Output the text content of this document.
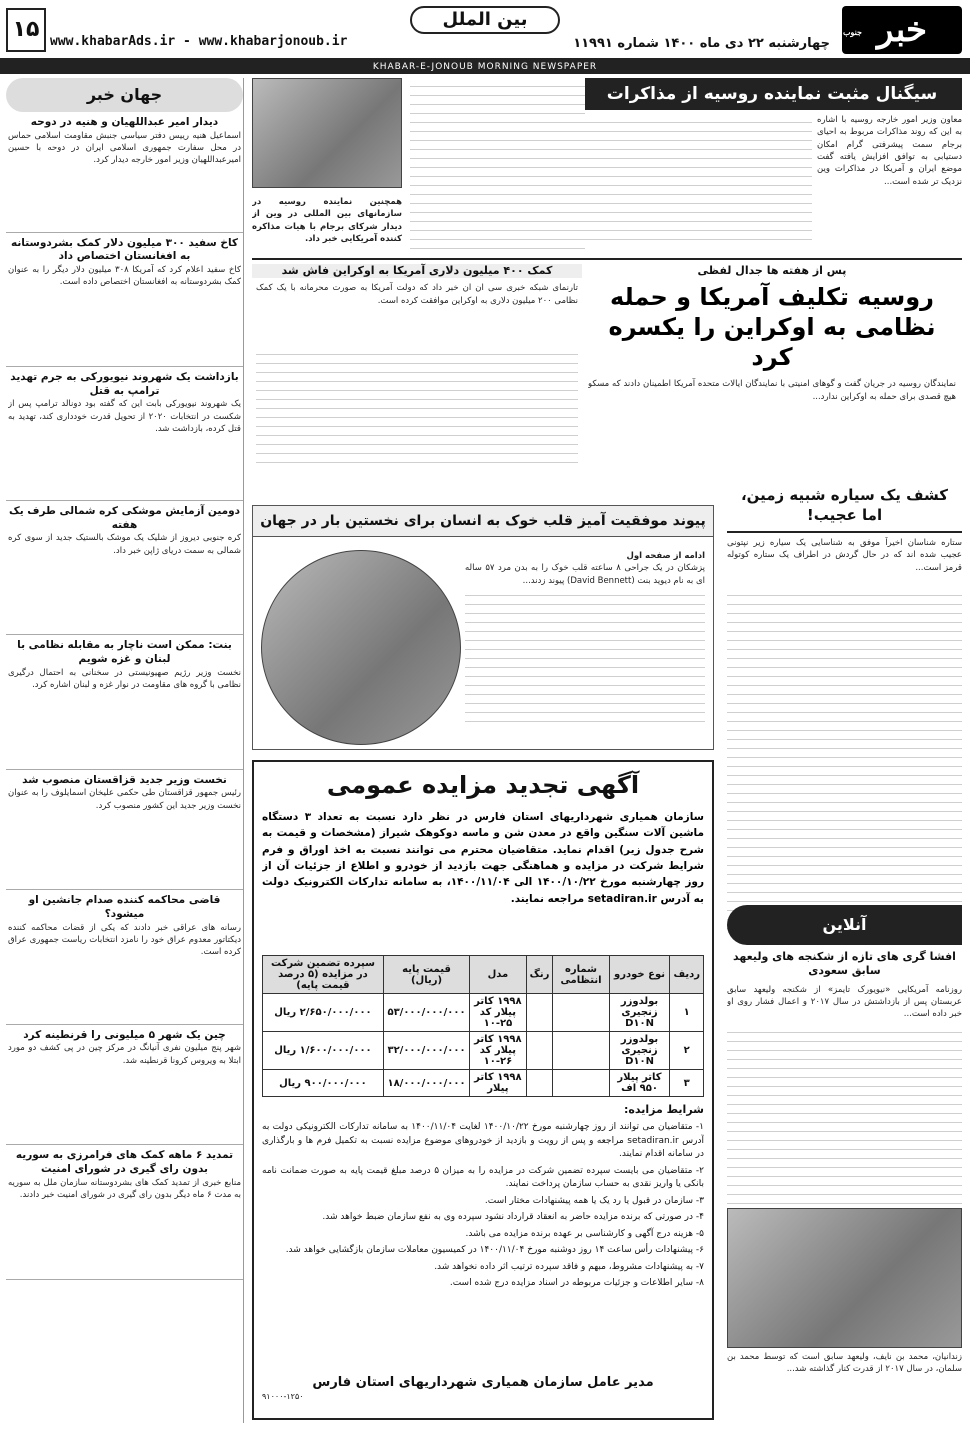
خبر
جنوب
چهارشنبه ۲۲ دی ماه ۱۴۰۰ شماره ۱۱۹۹۱
بین الملل
www.khabarAds.ir - www.khabarjonoub.ir
۱۵
KHABAR-E-JONOUB MORNING NEWSPAPER
سیگنال مثبت نماینده روسیه از مذاکرات
معاون وزیر امور خارجه روسیه با اشاره به این که روند مذاکرات مربوط به احیای برجام سمت پیشرفتی گرام امکان دستیابی به توافق افزایش یافته گفت موضع ایران و آمریکا در مذاکرات وین نزدیک تر شده است...
همچنین نماینده روسیه در سازمانهای بین المللی در وین از دیدار شرکای برجام با هیات مذاکره کننده آمریکایی خبر داد.
پس از هفته ها جدال لفظی
روسیه تکلیف آمریکا و حمله نظامی به اوکراین را یکسره کرد
نمایندگان روسیه در جریان گفت و گوهای امنیتی با نمایندگان ایالات متحده آمریکا اطمینان دادند که مسکو هیچ قصدی برای حمله به اوکراین ندارد...
کمک ۴۰۰ میلیون دلاری آمریکا به اوکراین فاش شد
تارنمای شبکه خبری سی ان ان خبر داد که دولت آمریکا به صورت محرمانه با یک کمک نظامی ۲۰۰ میلیون دلاری به اوکراین موافقت کرده است.
کشف یک سیاره شبیه زمین، اما عجیب!
ستاره شناسان اخیراً موفق به شناسایی یک سیاره زیر نپتونی عجیب شده اند که در حال گردش در اطراف یک ستاره کوتوله قرمز است...
آنلاین
افشا گری های تازه از شکنجه های ولیعهد سابق سعودی
روزنامه آمریکایی «نیویورک تایمز» از شکنجه ولیعهد سابق عربستان پس از بازداشتش در سال ۲۰۱۷ و اعمال فشار روی او خبر داده است...
زندانیان، محمد بن نایف، ولیعهد سابق است که توسط محمد بن سلمان، در سال ۲۰۱۷ از قدرت کنار گذاشته شد...
پیوند موفقیت آمیز قلب خوک به انسان برای نخستین بار در جهان
ادامه از صفحه اول
پزشکان در یک جراحی ۸ ساعته قلب خوک را به بدن مرد ۵۷ ساله ای به نام دیوید بنت (David Bennett) پیوند زدند...
آگهی تجدید مزایده عمومی
سازمان همیاری شهرداریهای استان فارس در نظر دارد نسبت به تعداد ۳ دستگاه ماشین آلات سنگین واقع در معدن شن و ماسه دوکوهک شیراز (مشخصات و قیمت به شرح جدول زیر) اقدام نماید. متقاضیان محترم می توانند نسبت به اخذ اوراق و فرم شرایط شرکت در مزایده و هماهنگی جهت بازدید از خودرو و اطلاع از جزئیات آن از روز چهارشنبه مورخ ۱۴۰۰/۱۰/۲۲ الی ۱۴۰۰/۱۱/۰۴، به سامانه تدارکات الکترونیک دولت به آدرس setadiran.ir مراجعه نمایند.
ردیف	نوع خودرو	شماره انتظامی	رنگ	مدل	قیمت پایه (ریال)	سپرده تضمین شرکت در مزایده (۵ درصد قیمت پایه)
۱	بولدوزر زنجیری D۱۰N			۱۹۹۸ کاتر پیلار کد ۲۵-۱۰	۵۳/۰۰۰/۰۰۰/۰۰۰	۲/۶۵۰/۰۰۰/۰۰۰ ریال
۲	بولدوزر زنجیری D۱۰N			۱۹۹۸ کاتر پیلار کد ۲۶-۱۰	۳۲/۰۰۰/۰۰۰/۰۰۰	۱/۶۰۰/۰۰۰/۰۰۰ ریال
۳	کاتر پیلار ۹۵۰ اف			۱۹۹۸ کاتر پیلار	۱۸/۰۰۰/۰۰۰/۰۰۰	۹۰۰/۰۰۰/۰۰۰ ریال
شرایط مزایده:
۱- متقاضیان می توانند از روز چهارشنبه مورخ ۱۴۰۰/۱۰/۲۲ لغایت ۱۴۰۰/۱۱/۰۴ به سامانه تدارکات الکترونیکی دولت به آدرس setadiran.ir مراجعه و پس از رویت و بازدید از خودروهای موضوع مزایده نسبت به تکمیل فرم ها و بارگذاری در سامانه اقدام نمایند.
۲- متقاضیان می بایست سپرده تضمین شرکت در مزایده را به میزان ۵ درصد مبلغ قیمت پایه به صورت ضمانت نامه بانکی یا واریز نقدی به حساب سازمان پرداخت نمایند.
۳- سازمان در قبول یا رد یک یا همه پیشنهادات مختار است.
۴- در صورتی که برنده مزایده حاضر به انعقاد قرارداد نشود سپرده وی به نفع سازمان ضبط خواهد شد.
۵- هزینه درج آگهی و کارشناسی بر عهده برنده مزایده می باشد.
۶- پیشنهادات رأس ساعت ۱۴ روز دوشنبه مورخ ۱۴۰۰/۱۱/۰۴ در کمیسیون معاملات سازمان بازگشایی خواهد شد.
۷- به پیشنهادات مشروط، مبهم و فاقد سپرده ترتیب اثر داده نخواهد شد.
۸- سایر اطلاعات و جزئیات مربوطه در اسناد مزایده درج شده است.
مدیر عامل سازمان همیاری شهرداریهای استان فارس
۹۱۰۰۰-۱۲۵۰
جهان خبر
دیدار امیر عبداللهیان و هنیه در دوحه
اسماعیل هنیه رییس دفتر سیاسی جنبش مقاومت اسلامی حماس در محل سفارت جمهوری اسلامی ایران در دوحه با حسین امیرعبداللهیان وزیر امور خارجه دیدار کرد.
کاخ سفید ۳۰۰ میلیون دلار کمک بشردوستانه به افغانستان اختصاص داد
کاخ سفید اعلام کرد که آمریکا ۳۰۸ میلیون دلار دیگر را به عنوان کمک بشردوستانه به افغانستان اختصاص داده است.
بازداشت یک شهروند نیویورکی به جرم تهدید ترامپ به قتل
یک شهروند نیویورکی بابت این که گفته بود دونالد ترامپ پس از شکست در انتخابات ۲۰۲۰ از تحویل قدرت خودداری کند، تهدید به قتل کرده، بازداشت شد.
دومین آزمایش موشکی کره شمالی طرف یک هفته
کره جنوبی دیروز از شلیک یک موشک بالستیک جدید از سوی کره شمالی به سمت دریای ژاپن خبر داد.
بنت: ممکن است ناچار به مقابله نظامی با لبنان و غزه شویم
نخست وزیر رژیم صهیونیستی در سخنانی به احتمال درگیری نظامی با گروه های مقاومت در نوار غزه و لبنان اشاره کرد.
نخست وزیر جدید قزاقستان منصوب شد
رئیس جمهور قزاقستان طی حکمی علیخان اسمایلوف را به عنوان نخست وزیر جدید این کشور منصوب کرد.
قاضی محاکمه کننده صدام جانشین او میشود؟
رسانه های عراقی خبر دادند که یکی از قضات محاکمه کننده دیکتاتور معدوم عراق خود را نامزد انتخابات ریاست جمهوری عراق کرده است.
چین یک شهر ۵ میلیونی را قرنطینه کرد
شهر پنج میلیون نفری آنیانگ در مرکز چین در پی کشف دو مورد ابتلا به ویروس کرونا قرنطینه شد.
تمدید ۶ ماهه کمک های فرامرزی به سوریه بدون رای گیری در شورای امنیت
منابع خبری از تمدید کمک های بشردوستانه سازمان ملل به سوریه به مدت ۶ ماه دیگر بدون رای گیری در شورای امنیت خبر دادند.
